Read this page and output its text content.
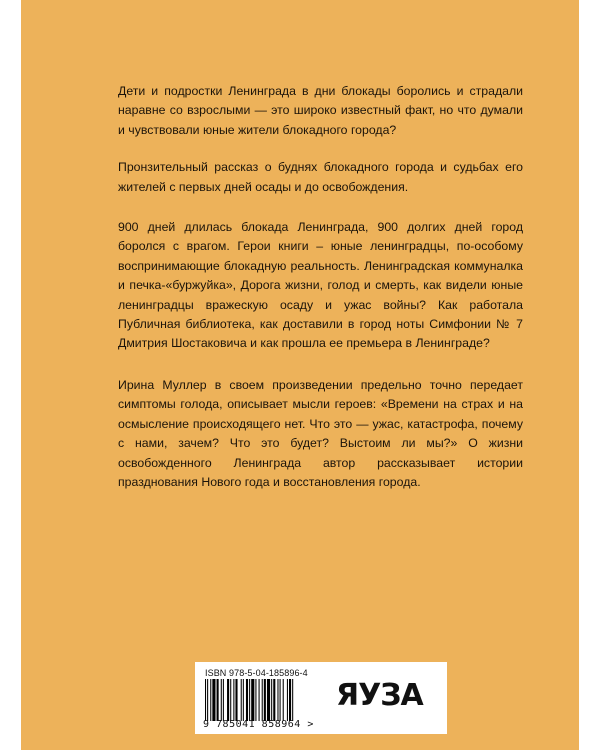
Дети и подростки Ленинграда в дни блокады боролись и страдали наравне со взрослыми — это широко известный факт, но что думали и чувствовали юные жители блокадного города?

Пронзительный рассказ о буднях блокадного города и судьбах его жителей с первых дней осады и до освобождения.

900 дней длилась блокада Ленинграда, 900 долгих дней город боролся с врагом. Герои книги – юные ленинградцы, по-особому воспринимающие блокадную реальность. Ленинградская коммуналка и печка-«буржуйка», Дорога жизни, голод и смерть, как видели юные ленинградцы вражескую осаду и ужас войны? Как работала Публичная библиотека, как доставили в город ноты Симфонии № 7 Дмитрия Шостаковича и как прошла ее премьера в Ленинграде?

Ирина Муллер в своем произведении предельно точно передает симптомы голода, описывает мысли героев: «Времени на страх и на осмысление происходящего нет. Что это — ужас, катастрофа, почему с нами, зачем? Что это будет? Выстоим ли мы?» О жизни освобожденного Ленинграда автор рассказывает истории празднования Нового года и восстановления города.

ISBN 978-5-04-185896-4
9 785041 858964 >
ЯУЗА
